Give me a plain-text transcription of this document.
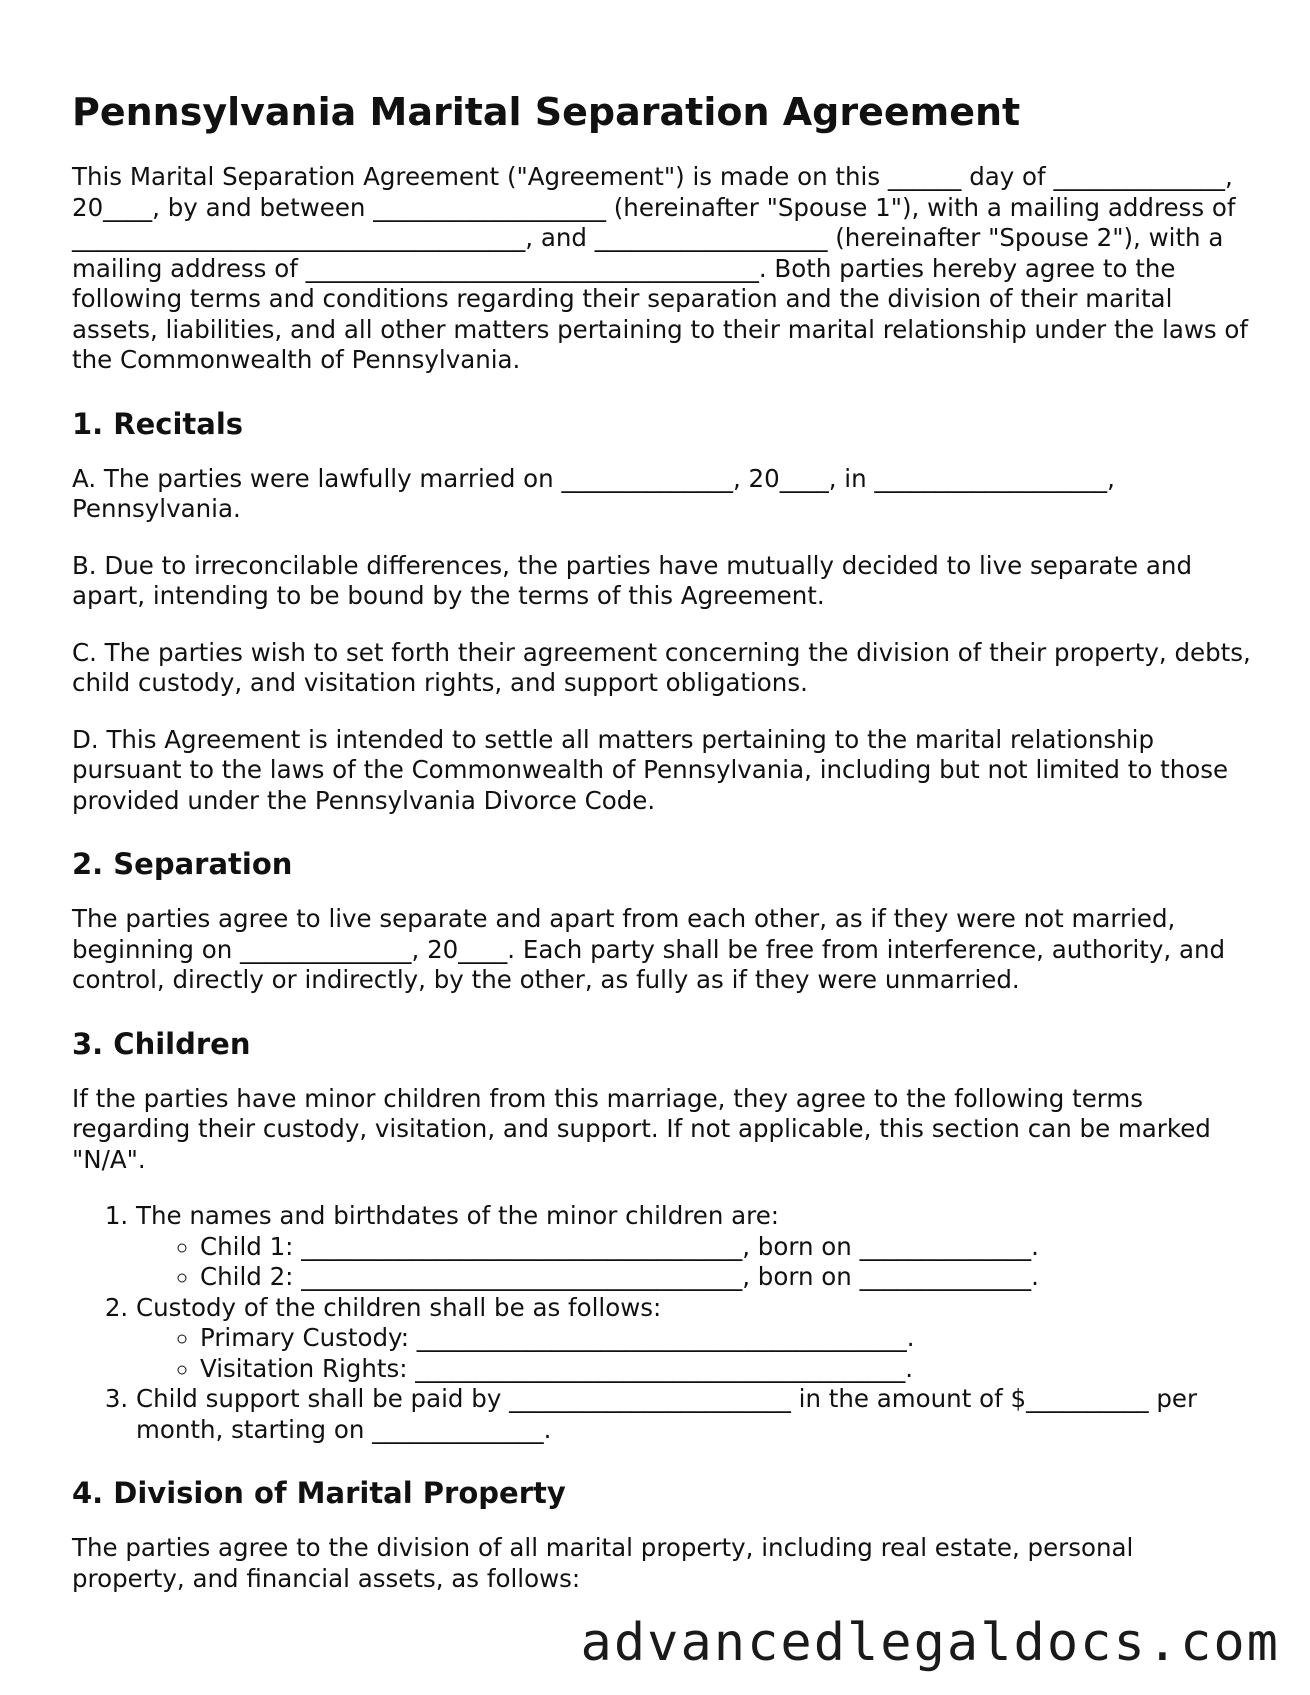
Pennsylvania Marital Separation Agreement

This Marital Separation Agreement ("Agreement") is made on this ______ day of ______________, 20____, by and between ___________________ (hereinafter "Spouse 1"), with a mailing address of _____________________________________, and ___________________ (hereinafter "Spouse 2"), with a mailing address of _____________________________________. Both parties hereby agree to the following terms and conditions regarding their separation and the division of their marital assets, liabilities, and all other matters pertaining to their marital relationship under the laws of the Commonwealth of Pennsylvania.

1. Recitals

A. The parties were lawfully married on ______________, 20____, in ___________________, Pennsylvania.

B. Due to irreconcilable differences, the parties have mutually decided to live separate and apart, intending to be bound by the terms of this Agreement.

C. The parties wish to set forth their agreement concerning the division of their property, debts, child custody, and visitation rights, and support obligations.

D. This Agreement is intended to settle all matters pertaining to the marital relationship pursuant to the laws of the Commonwealth of Pennsylvania, including but not limited to those provided under the Pennsylvania Divorce Code.

2. Separation

The parties agree to live separate and apart from each other, as if they were not married, beginning on ______________, 20____. Each party shall be free from interference, authority, and control, directly or indirectly, by the other, as fully as if they were unmarried.

3. Children

If the parties have minor children from this marriage, they agree to the following terms regarding their custody, visitation, and support. If not applicable, this section can be marked "N/A".

1. The names and birthdates of the minor children are:
◦ Child 1: ____________________________________, born on ______________.
◦ Child 2: ____________________________________, born on ______________.
2. Custody of the children shall be as follows:
◦ Primary Custody: ________________________________________.
◦ Visitation Rights: ________________________________________.
3. Child support shall be paid by _______________________ in the amount of $__________ per month, starting on ______________.
4. Division of Marital Property

The parties agree to the division of all marital property, including real estate, personal property, and financial assets, as follows:

advancedlegaldocs.com
